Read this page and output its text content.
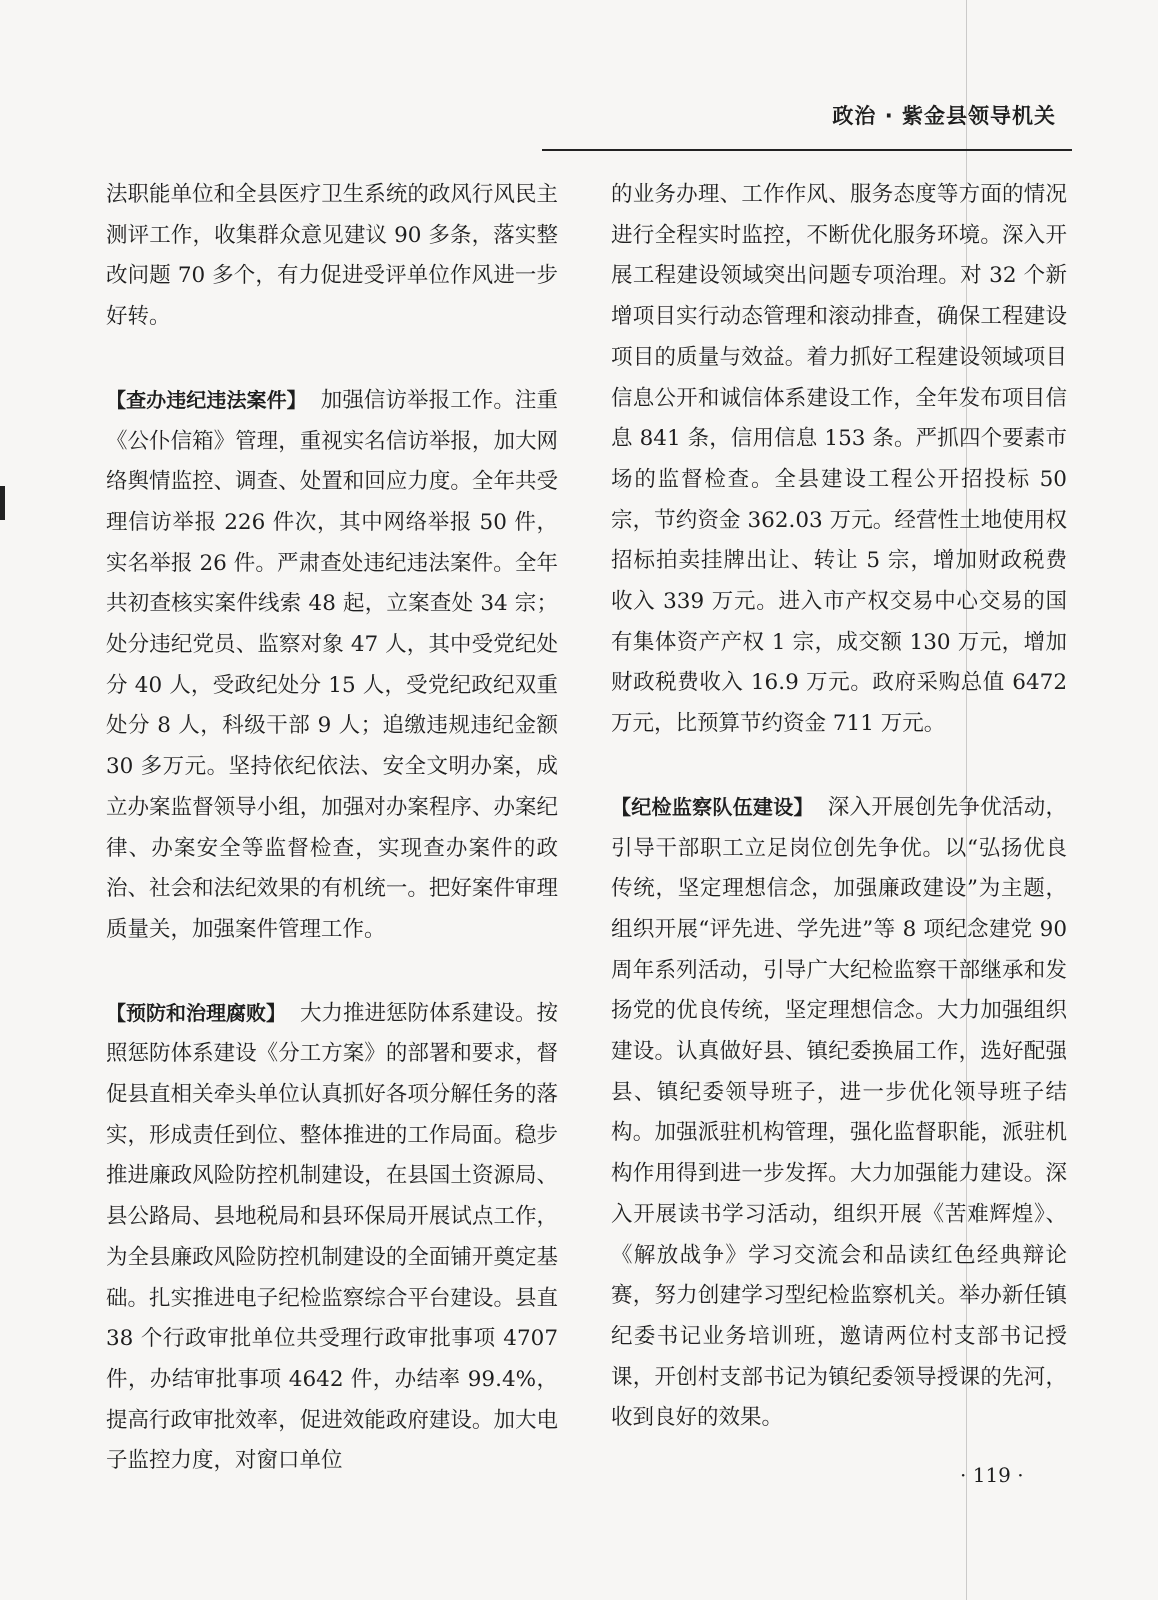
政治 · 紫金县领导机关

法职能单位和全县医疗卫生系统的政风行风民主测评工作，收集群众意见建议 90 多条，落实整改问题 70 多个，有力促进受评单位作风进一步好转。

【查办违纪违法案件】 加强信访举报工作。注重《公仆信箱》管理，重视实名信访举报，加大网络舆情监控、调查、处置和回应力度。全年共受理信访举报 226 件次，其中网络举报 50 件，实名举报 26 件。严肃查处违纪违法案件。全年共初查核实案件线索 48 起，立案查处 34 宗；处分违纪党员、监察对象 47 人，其中受党纪处分 40 人，受政纪处分 15 人，受党纪政纪双重处分 8 人，科级干部 9 人；追缴违规违纪金额 30 多万元。坚持依纪依法、安全文明办案，成立办案监督领导小组，加强对办案程序、办案纪律、办案安全等监督检查，实现查办案件的政治、社会和法纪效果的有机统一。把好案件审理质量关，加强案件管理工作。

【预防和治理腐败】 大力推进惩防体系建设。按照惩防体系建设《分工方案》的部署和要求，督促县直相关牵头单位认真抓好各项分解任务的落实，形成责任到位、整体推进的工作局面。稳步推进廉政风险防控机制建设，在县国土资源局、县公路局、县地税局和县环保局开展试点工作，为全县廉政风险防控机制建设的全面铺开奠定基础。扎实推进电子纪检监察综合平台建设。县直 38 个行政审批单位共受理行政审批事项 4707 件，办结审批事项 4642 件，办结率 99.4%，提高行政审批效率，促进效能政府建设。加大电子监控力度，对窗口单位

的业务办理、工作作风、服务态度等方面的情况进行全程实时监控，不断优化服务环境。深入开展工程建设领域突出问题专项治理。对 32 个新增项目实行动态管理和滚动排查，确保工程建设项目的质量与效益。着力抓好工程建设领域项目信息公开和诚信体系建设工作，全年发布项目信息 841 条，信用信息 153 条。严抓四个要素市场的监督检查。全县建设工程公开招投标 50 宗，节约资金 362.03 万元。经营性土地使用权招标拍卖挂牌出让、转让 5 宗，增加财政税费收入 339 万元。进入市产权交易中心交易的国有集体资产产权 1 宗，成交额 130 万元，增加财政税费收入 16.9 万元。政府采购总值 6472 万元，比预算节约资金 711 万元。

【纪检监察队伍建设】 深入开展创先争优活动，引导干部职工立足岗位创先争优。以“弘扬优良传统，坚定理想信念，加强廉政建设”为主题，组织开展“评先进、学先进”等 8 项纪念建党 90 周年系列活动，引导广大纪检监察干部继承和发扬党的优良传统，坚定理想信念。大力加强组织建设。认真做好县、镇纪委换届工作，选好配强县、镇纪委领导班子，进一步优化领导班子结构。加强派驻机构管理，强化监督职能，派驻机构作用得到进一步发挥。大力加强能力建设。深入开展读书学习活动，组织开展《苦难辉煌》、《解放战争》学习交流会和品读红色经典辩论赛，努力创建学习型纪检监察机关。举办新任镇纪委书记业务培训班，邀请两位村支部书记授课，开创村支部书记为镇纪委领导授课的先河，收到良好的效果。

· 119 ·
